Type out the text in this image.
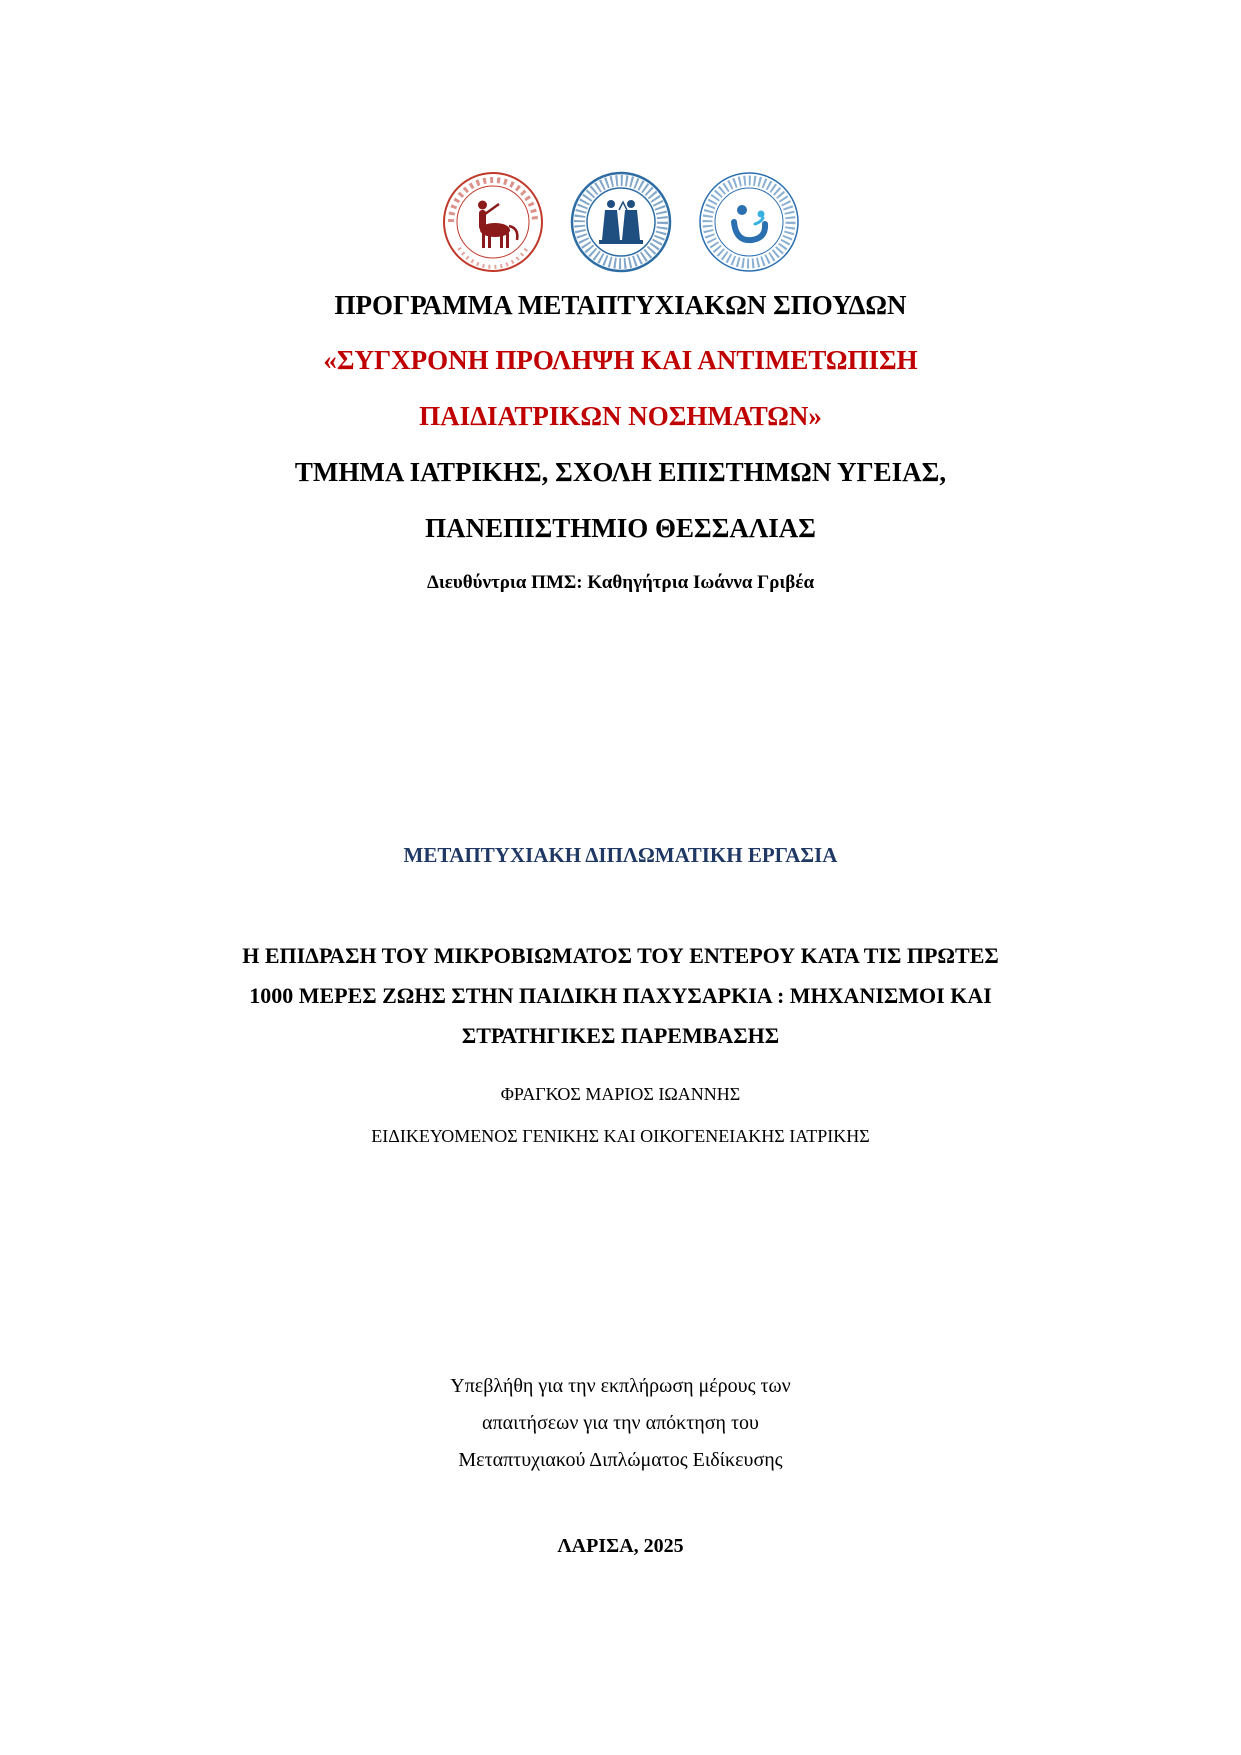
ΠΡΟΓΡΑΜΜΑ ΜΕΤΑΠΤΥΧΙΑΚΩΝ ΣΠΟΥΔΩΝ
«ΣΥΓΧΡΟΝΗ ΠΡΟΛΗΨΗ ΚΑΙ ΑΝΤΙΜΕΤΩΠΙΣΗ
ΠΑΙΔΙΑΤΡΙΚΩΝ ΝΟΣΗΜΑΤΩΝ»
ΤΜΗΜΑ ΙΑΤΡΙΚΗΣ, ΣΧΟΛΗ ΕΠΙΣΤΗΜΩΝ ΥΓΕΙΑΣ,
ΠΑΝΕΠΙΣΤΗΜΙΟ ΘΕΣΣΑΛΙΑΣ
Διευθύντρια ΠΜΣ: Καθηγήτρια Ιωάννα Γριβέα
ΜΕΤΑΠΤΥΧΙΑΚΗ ΔΙΠΛΩΜΑΤΙΚΗ ΕΡΓΑΣΙΑ
Η ΕΠΙΔΡΑΣΗ ΤΟΥ ΜΙΚΡΟΒΙΩΜΑΤΟΣ ΤΟΥ ΕΝΤΕΡΟΥ ΚΑΤΑ ΤΙΣ ΠΡΩΤΕΣ
1000 ΜΕΡΕΣ ΖΩΗΣ ΣΤΗΝ ΠΑΙΔΙΚΗ ΠΑΧΥΣΑΡΚΙΑ : ΜΗΧΑΝΙΣΜΟΙ ΚΑΙ
ΣΤΡΑΤΗΓΙΚΕΣ ΠΑΡΕΜΒΑΣΗΣ
ΦΡΑΓΚΟΣ ΜΑΡΙΟΣ ΙΩΑΝΝΗΣ
ΕΙΔΙΚΕΥΟΜΕΝΟΣ ΓΕΝΙΚΗΣ ΚΑΙ ΟΙΚΟΓΕΝΕΙΑΚΗΣ ΙΑΤΡΙΚΗΣ
Υπεβλήθη για την εκπλήρωση μέρους των
απαιτήσεων για την απόκτηση του
Μεταπτυχιακού Διπλώματος Ειδίκευσης
ΛΑΡΙΣΑ, 2025
